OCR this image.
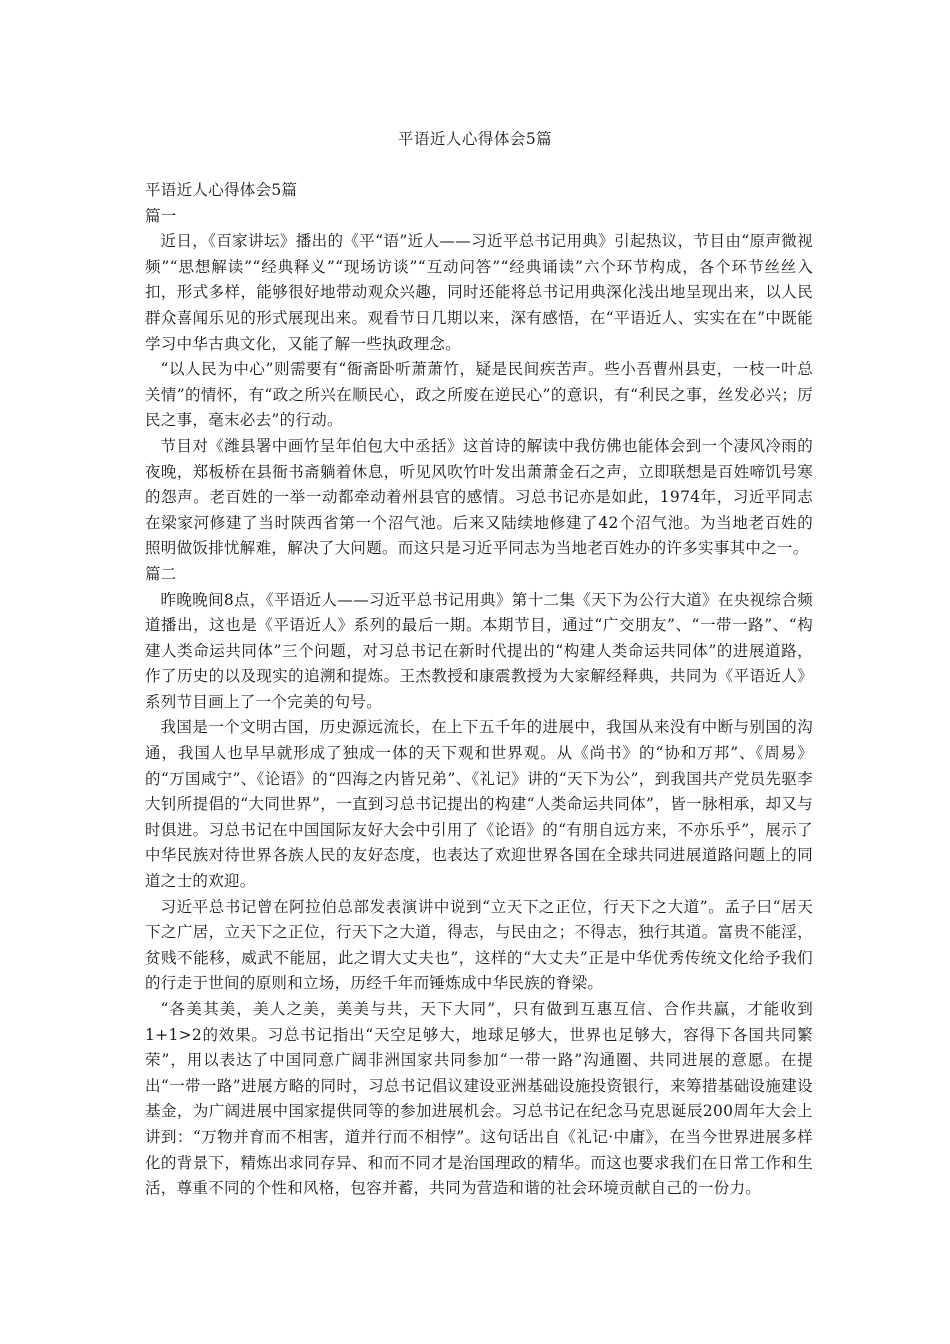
平语近人心得体会5篇
平语近人心得体会5篇
篇一

近日，《百家讲坛》播出的《平“语”近人——习近平总书记用典》引起热议，节目由“原声微视频”“思想解读”“经典释义”“现场访谈”“互动问答”“经典诵读”六个环节构成，各个环节丝丝入扣，形式多样，能够很好地带动观众兴趣，同时还能将总书记用典深化浅出地呈现出来，以人民群众喜闻乐见的形式展现出来。观看节日几期以来，深有感悟，在“平语近人、实实在在”中既能学习中华古典文化，又能了解一些执政理念。

“以人民为中心”则需要有“衙斋卧听萧萧竹，疑是民间疾苦声。些小吾曹州县吏，一枝一叶总关情”的情怀，有“政之所兴在顺民心，政之所废在逆民心”的意识，有“利民之事，丝发必兴；厉民之事，毫末必去”的行动。

节目对《潍县署中画竹呈年伯包大中丞括》这首诗的解读中我仿佛也能体会到一个凄风冷雨的夜晚，郑板桥在县衙书斋躺着休息，听见风吹竹叶发出萧萧金石之声，立即联想是百姓啼饥号寒的怨声。老百姓的一举一动都牵动着州县官的感情。习总书记亦是如此，1974年，习近平同志在梁家河修建了当时陕西省第一个沼气池。后来又陆续地修建了42个沼气池。为当地老百姓的照明做饭排忧解难，解决了大问题。而这只是习近平同志为当地老百姓办的许多实事其中之一。

篇二

昨晚晚间8点，《平语近人——习近平总书记用典》第十二集《天下为公行大道》在央视综合频道播出，这也是《平语近人》系列的最后一期。本期节目，通过“广交朋友”、“一带一路”、“构建人类命运共同体”三个问题，对习总书记在新时代提出的“构建人类命运共同体”的进展道路，作了历史的以及现实的追溯和提炼。王杰教授和康震教授为大家解经释典，共同为《平语近人》系列节目画上了一个完美的句号。

我国是一个文明古国，历史源远流长，在上下五千年的进展中，我国从来没有中断与别国的沟通，我国人也早早就形成了独成一体的天下观和世界观。从《尚书》的“协和万邦”、《周易》的“万国咸宁”、《论语》的“四海之内皆兄弟”、《礼记》讲的“天下为公”，到我国共产党员先驱李大钊所提倡的“大同世界”，一直到习总书记提出的构建“人类命运共同体”，皆一脉相承，却又与时俱进。习总书记在中国国际友好大会中引用了《论语》的“有朋自远方来，不亦乐乎”，展示了中华民族对待世界各族人民的友好态度，也表达了欢迎世界各国在全球共同进展道路问题上的同道之士的欢迎。

习近平总书记曾在阿拉伯总部发表演讲中说到“立天下之正位，行天下之大道”。孟子曰“居天下之广居，立天下之正位，行天下之大道，得志，与民由之；不得志，独行其道。富贵不能淫，贫贱不能移，威武不能屈，此之谓大丈夫也”，这样的“大丈夫”正是中华优秀传统文化给予我们的行走于世间的原则和立场，历经千年而锤炼成中华民族的脊梁。

“各美其美，美人之美，美美与共，天下大同”，只有做到互惠互信、合作共赢，才能收到1+1>2的效果。习总书记指出“天空足够大，地球足够大，世界也足够大，容得下各国共同繁荣”，用以表达了中国同意广阔非洲国家共同参加“一带一路”沟通圈、共同进展的意愿。在提出“一带一路”进展方略的同时，习总书记倡议建设亚洲基础设施投资银行，来筹措基础设施建设基金，为广阔进展中国家提供同等的参加进展机会。习总书记在纪念马克思诞辰200周年大会上讲到：“万物并育而不相害，道并行而不相悖”。这句话出自《礼记·中庸》，在当今世界进展多样化的背景下，精炼出求同存异、和而不同才是治国理政的精华。而这也要求我们在日常工作和生活，尊重不同的个性和风格，包容并蓄，共同为营造和谐的社会环境贡献自己的一份力。
